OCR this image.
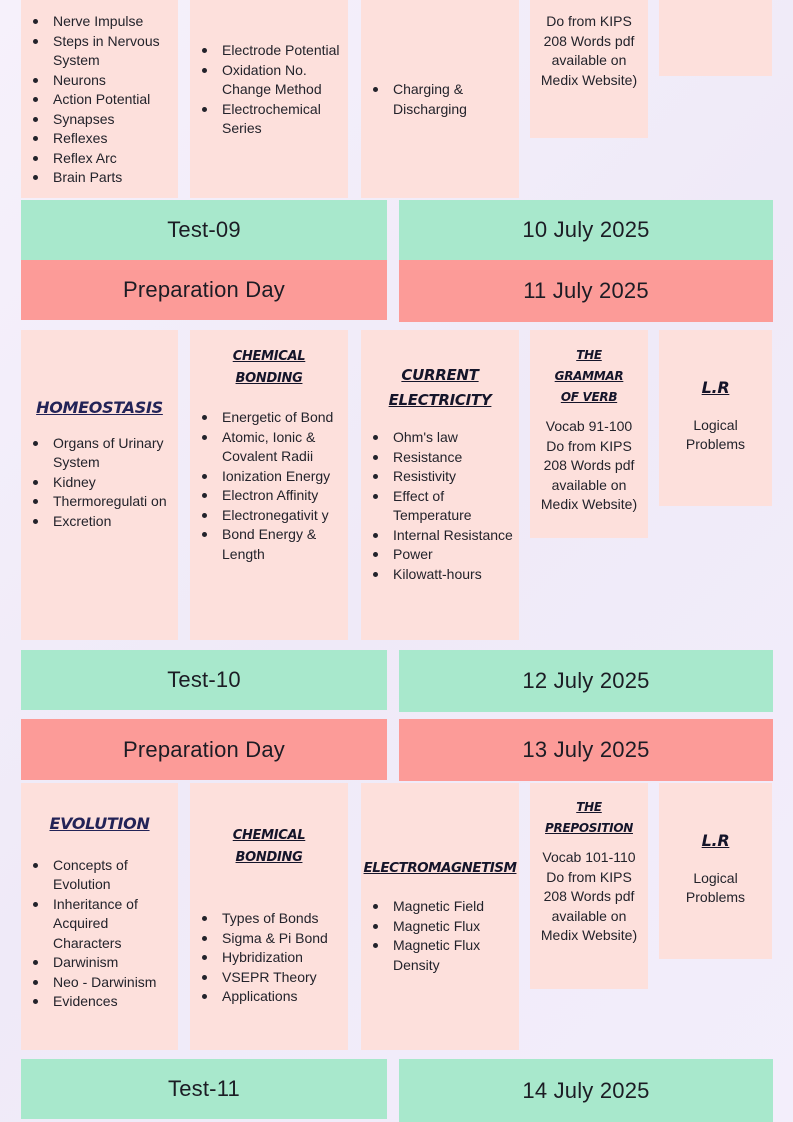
Nerve Impulse
Steps in Nervous System
Neurons
Action Potential
Synapses
Reflexes
Reflex Arc
Brain Parts
Electrode Potential
Oxidation No. Change Method
Electrochemical Series
Charging & Discharging
Do from KIPS 208 Words pdf available on Medix Website)
Test-09	10 July 2025
Preparation Day	11 July 2025
HOMEOSTASIS
Organs of Urinary System
Kidney
Thermoregulati on
Excretion
CHEMICAL
BONDING
Energetic of Bond
Atomic, Ionic & Covalent Radii
Ionization Energy
Electron Affinity
Electronegativit y
Bond Energy & Length
CURRENT
ELECTRICITY
Ohm's law
Resistance
Resistivity
Effect of Temperature
Internal Resistance
Power
Kilowatt-hours
THE GRAMMAR
OF VERB
Vocab 91-100 Do from KIPS 208 Words pdf available on Medix Website)
L.R
Logical Problems
Test-10	12 July 2025
Preparation Day	13 July 2025
EVOLUTION
Concepts of Evolution
Inheritance of Acquired Characters
Darwinism
Neo - Darwinism
Evidences
CHEMICAL
BONDING
Types of Bonds
Sigma & Pi Bond
Hybridization
VSEPR Theory
Applications
ELECTROMAGNETISM
Magnetic Field
Magnetic Flux
Magnetic Flux Density
THE
PREPOSITION
Vocab 101-110 Do from KIPS 208 Words pdf available on Medix Website)
L.R
Logical Problems
Test-11	14 July 2025
